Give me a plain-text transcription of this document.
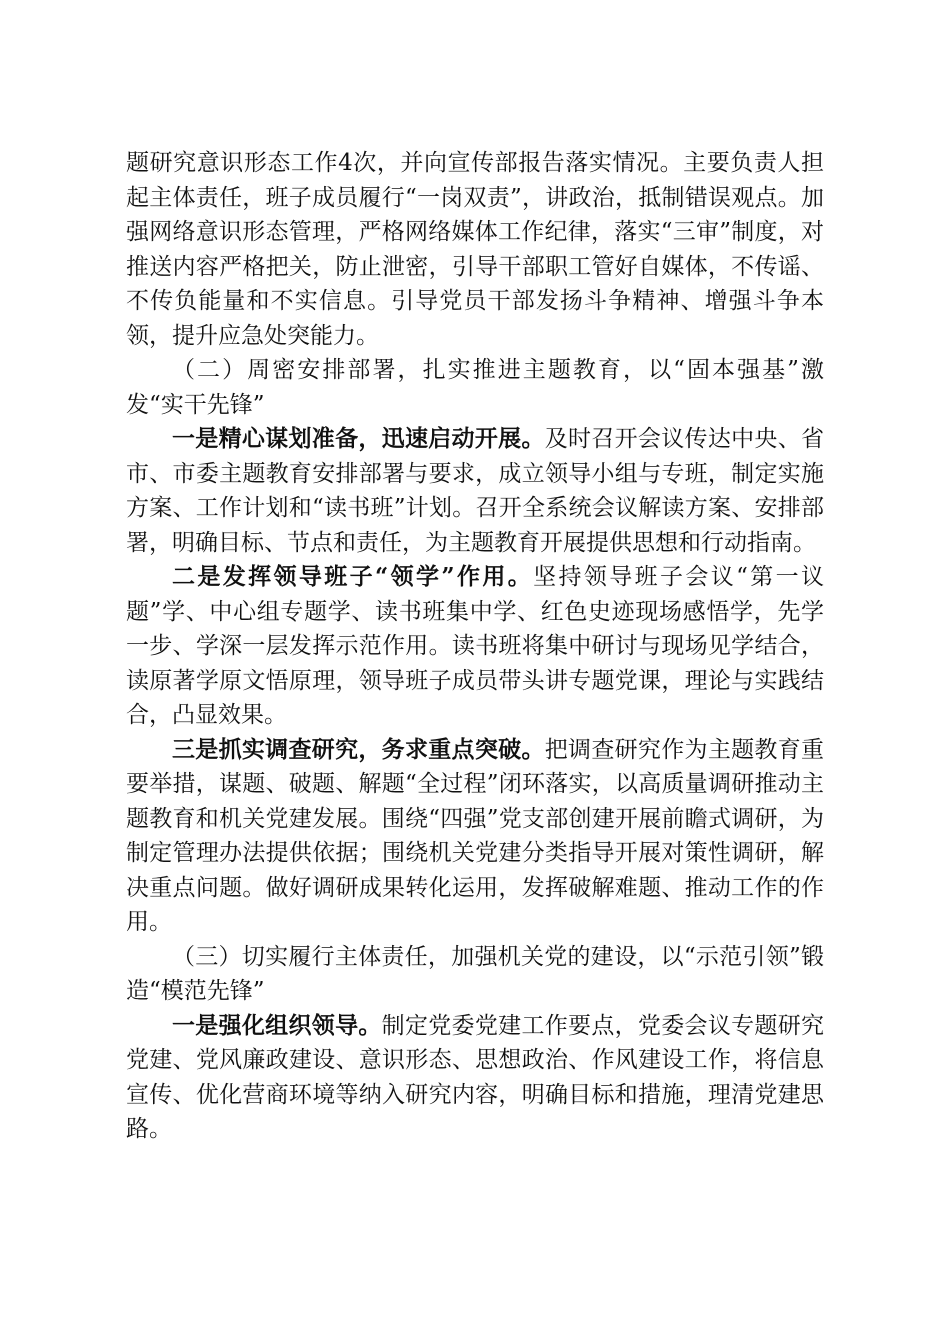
题研究意识形态工作4次，并向宣传部报告落实情况。主要负责人担起主体责任，班子成员履行“一岗双责”，讲政治，抵制错误观点。加强网络意识形态管理，严格网络媒体工作纪律，落实“三审”制度，对推送内容严格把关，防止泄密，引导干部职工管好自媒体，不传谣、不传负能量和不实信息。引导党员干部发扬斗争精神、增强斗争本领，提升应急处突能力。

（二）周密安排部署，扎实推进主题教育，以“固本强基”激发“实干先锋”

一是精心谋划准备，迅速启动开展。及时召开会议传达中央、省市、市委主题教育安排部署与要求，成立领导小组与专班，制定实施方案、工作计划和“读书班”计划。召开全系统会议解读方案、安排部署，明确目标、节点和责任，为主题教育开展提供思想和行动指南。

二是发挥领导班子“领学”作用。坚持领导班子会议“第一议题”学、中心组专题学、读书班集中学、红色史迹现场感悟学，先学一步、学深一层发挥示范作用。读书班将集中研讨与现场见学结合，读原著学原文悟原理，领导班子成员带头讲专题党课，理论与实践结合，凸显效果。

三是抓实调查研究，务求重点突破。把调查研究作为主题教育重要举措，谋题、破题、解题“全过程”闭环落实，以高质量调研推动主题教育和机关党建发展。围绕“四强”党支部创建开展前瞻式调研，为制定管理办法提供依据；围绕机关党建分类指导开展对策性调研，解决重点问题。做好调研成果转化运用，发挥破解难题、推动工作的作用。

（三）切实履行主体责任，加强机关党的建设，以“示范引领”锻造“模范先锋”

一是强化组织领导。制定党委党建工作要点，党委会议专题研究党建、党风廉政建设、意识形态、思想政治、作风建设工作，将信息宣传、优化营商环境等纳入研究内容，明确目标和措施，理清党建思路。
